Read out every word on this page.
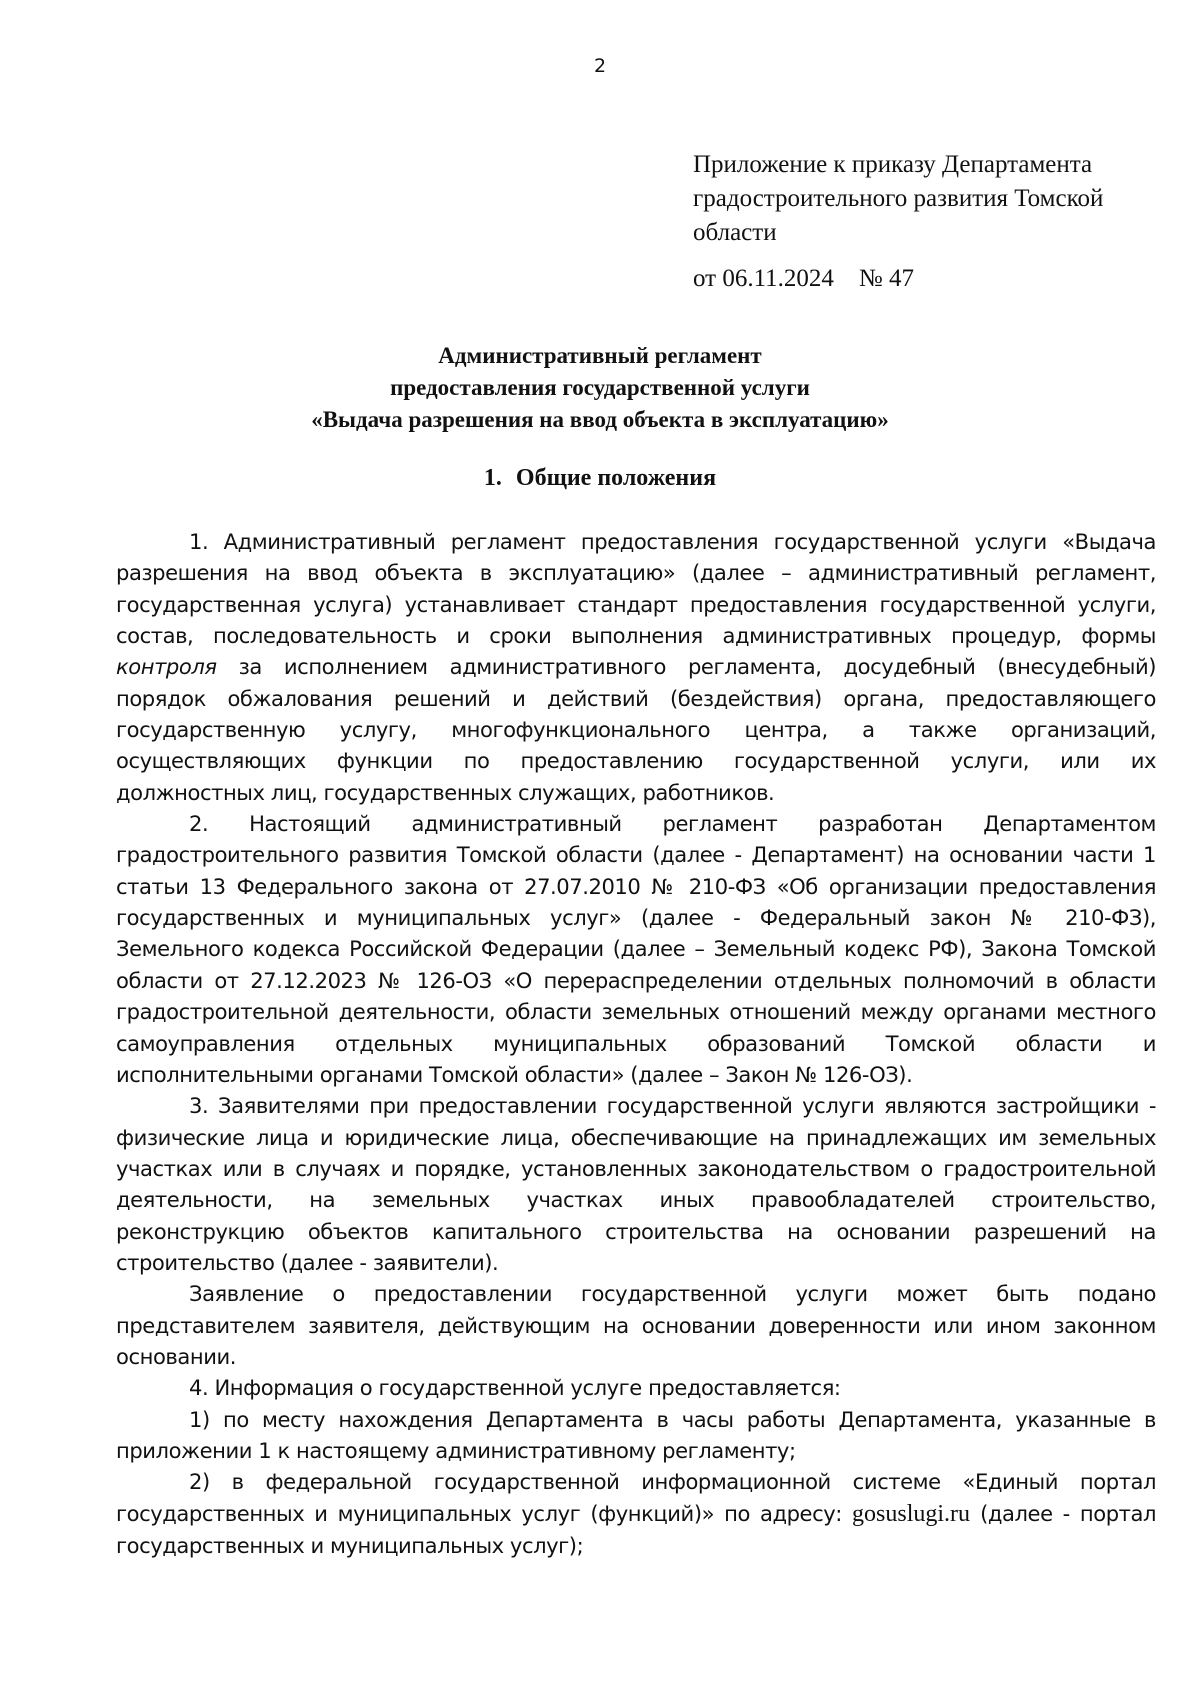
2
Приложение к приказу Департамента градостроительного развития Томской области
от 06.11.2024    № 47
Административный регламент
предоставления государственной услуги
«Выдача разрешения на ввод объекта в эксплуатацию»
1. Общие положения
1. Административный регламент предоставления государственной услуги «Выдача
разрешения на ввод объекта в эксплуатацию» (далее – административный регламент,
государственная услуга) устанавливает стандарт предоставления государственной услуги,
состав, последовательность и сроки выполнения административных процедур, формы
контроля за исполнением административного регламента, досудебный (внесудебный)
порядок обжалования решений и действий (бездействия) органа, предоставляющего
государственную услугу, многофункционального центра, а также организаций,
осуществляющих функции по предоставлению государственной услуги, или их
должностных лиц, государственных служащих, работников.
2. Настоящий административный регламент разработан Департаментом
градостроительного развития Томской области (далее - Департамент) на основании части 1
статьи 13 Федерального закона от 27.07.2010 № 210-ФЗ «Об организации предоставления
государственных и муниципальных услуг» (далее - Федеральный закон № 210-ФЗ),
Земельного кодекса Российской Федерации (далее – Земельный кодекс РФ), Закона Томской
области от 27.12.2023 № 126-ОЗ «О перераспределении отдельных полномочий в области
градостроительной деятельности, области земельных отношений между органами местного
самоуправления отдельных муниципальных образований Томской области и
исполнительными органами Томской области» (далее – Закон № 126-ОЗ).
3. Заявителями при предоставлении государственной услуги являются застройщики -
физические лица и юридические лица, обеспечивающие на принадлежащих им земельных
участках или в случаях и порядке, установленных законодательством о градостроительной
деятельности, на земельных участках иных правообладателей строительство,
реконструкцию объектов капитального строительства на основании разрешений на
строительство (далее - заявители).
Заявление о предоставлении государственной услуги может быть подано
представителем заявителя, действующим на основании доверенности или ином законном
основании.
4. Информация о государственной услуге предоставляется:
1) по месту нахождения Департамента в часы работы Департамента, указанные в
приложении 1 к настоящему административному регламенту;
2) в федеральной государственной информационной системе «Единый портал
государственных и муниципальных услуг (функций)» по адресу: gosuslugi.ru (далее - портал
государственных и муниципальных услуг);
